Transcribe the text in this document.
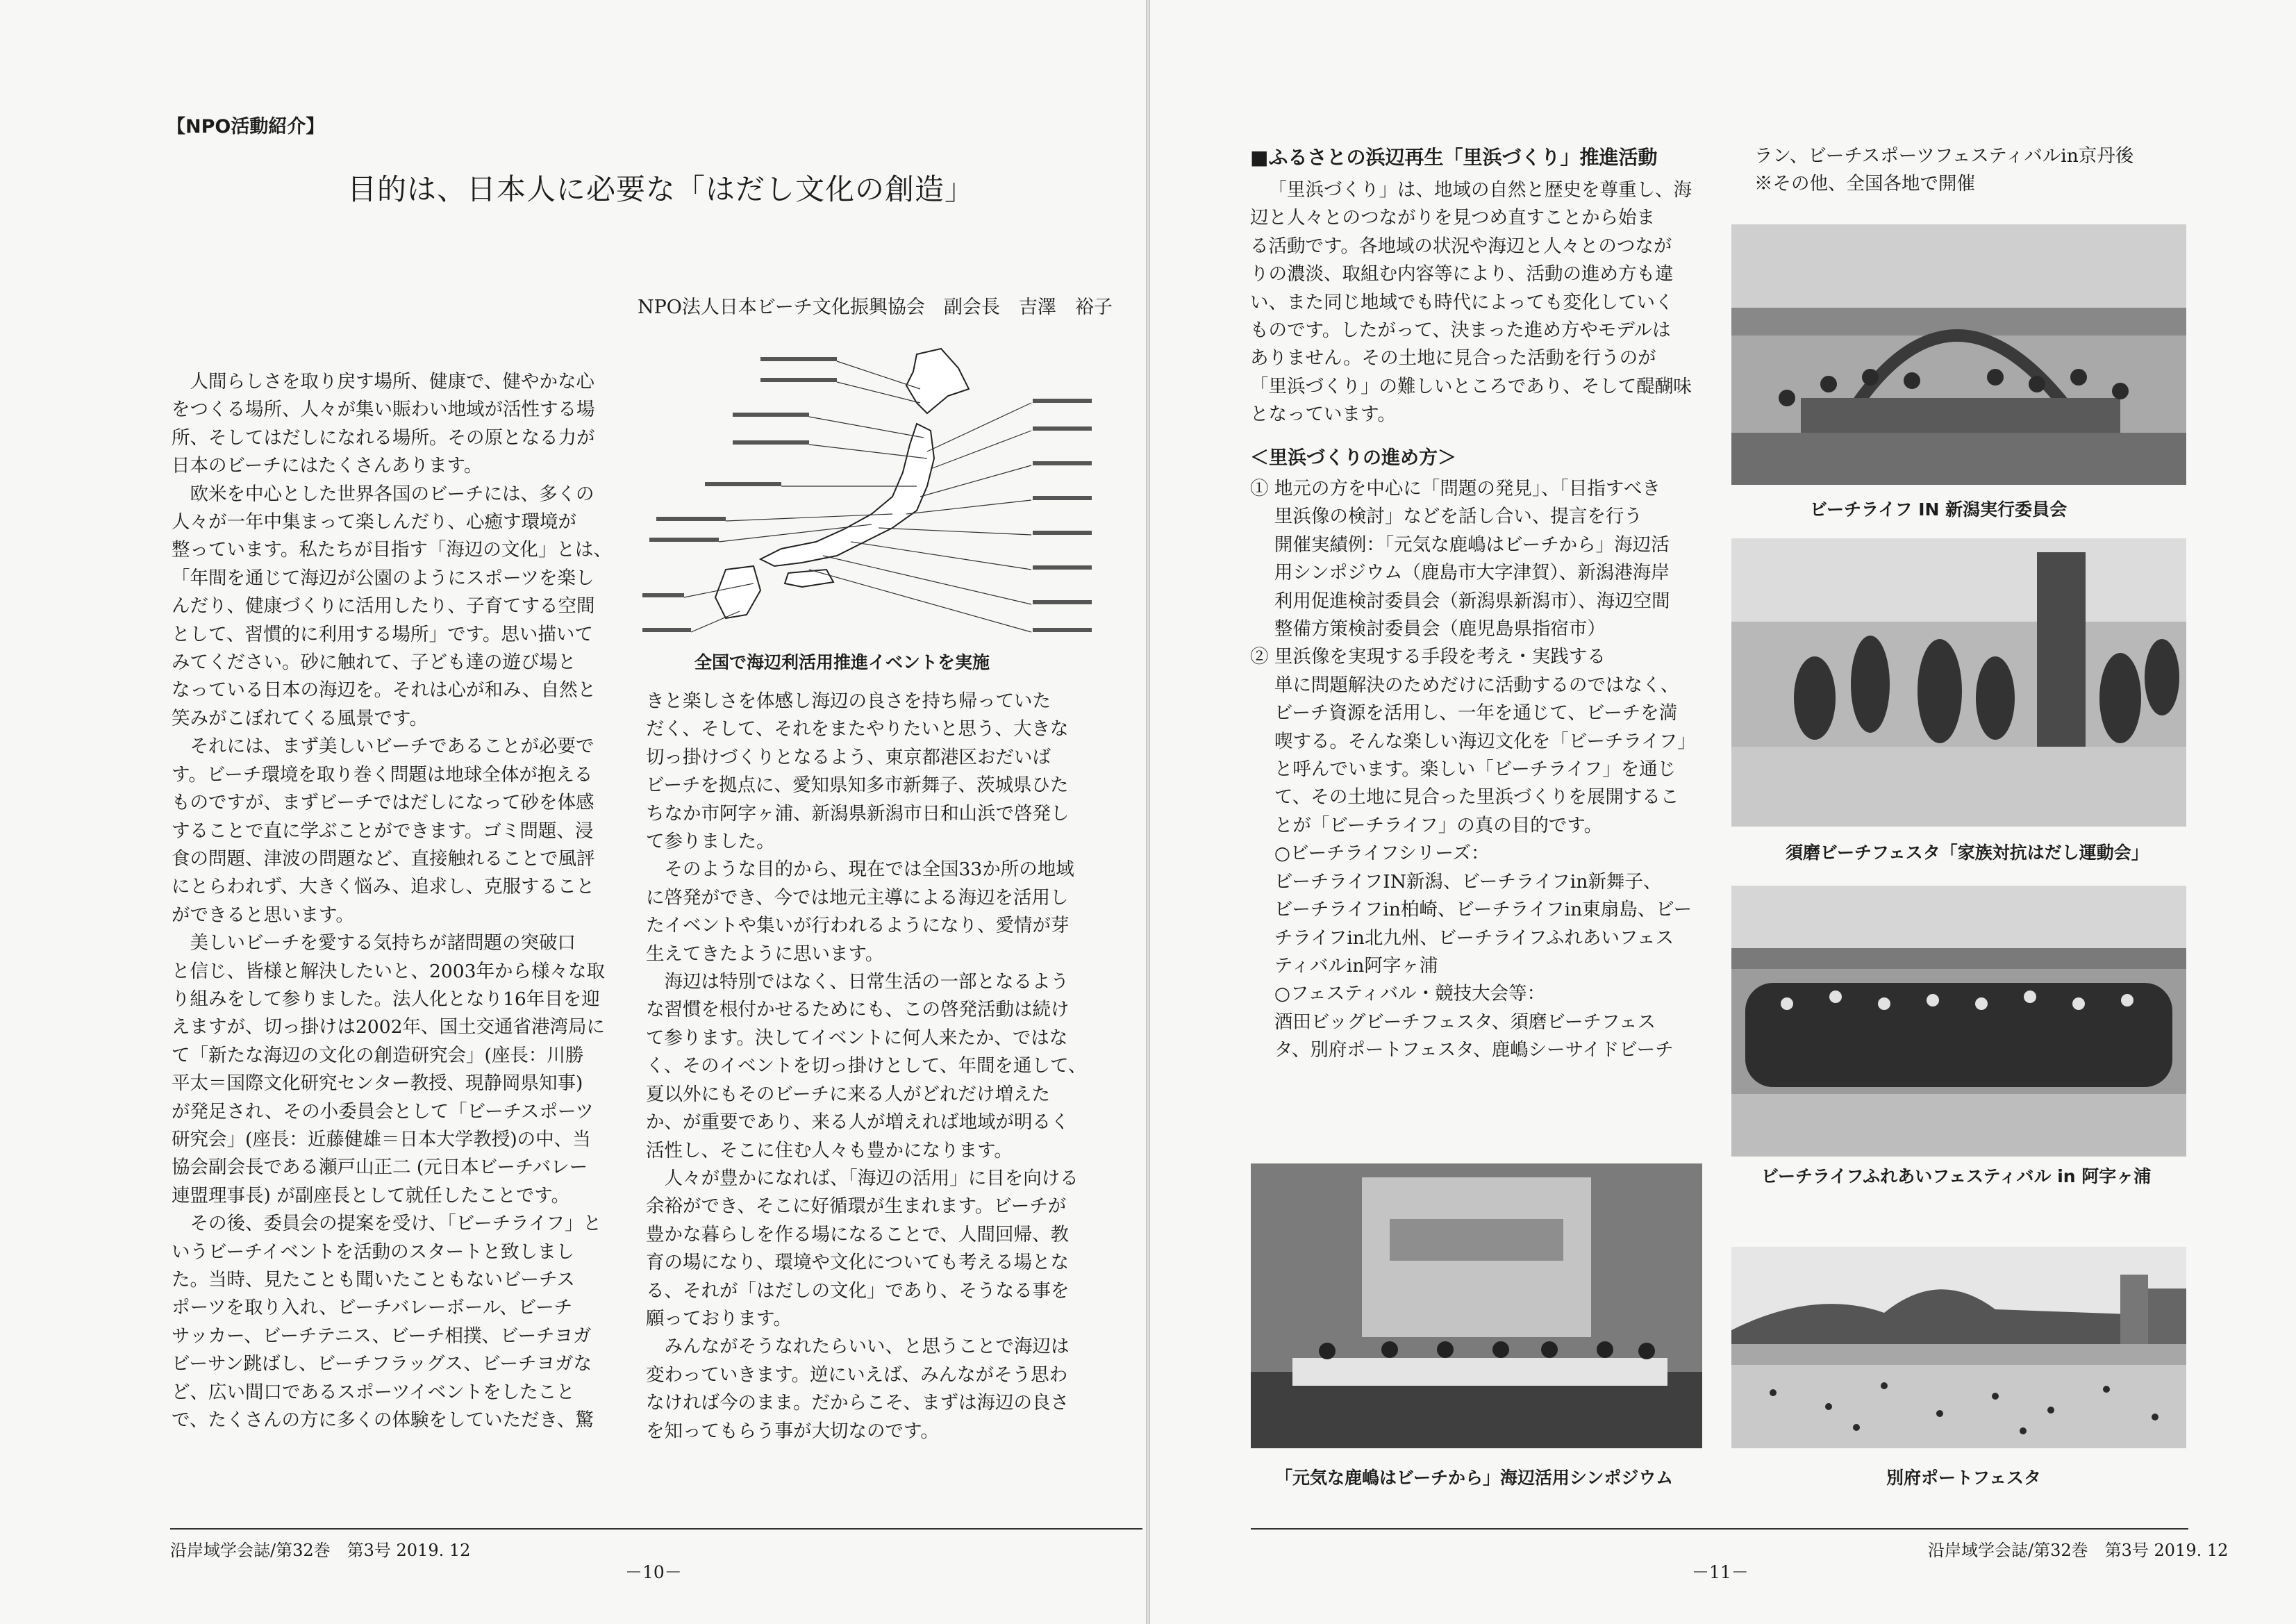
【NPO活動紹介】
目的は、日本人に必要な「はだし文化の創造」
NPO法人日本ビーチ文化振興協会　副会長　吉澤　裕子
人間らしさを取り戻す場所、健康で、健やかな心
をつくる場所、人々が集い賑わい地域が活性する場
所、そしてはだしになれる場所。その原となる力が
日本のビーチにはたくさんあります。
欧米を中心とした世界各国のビーチには、多くの
人々が一年中集まって楽しんだり、心癒す環境が
整っています。私たちが目指す「海辺の文化」とは、
「年間を通じて海辺が公園のようにスポーツを楽し
んだり、健康づくりに活用したり、子育てする空間
として、習慣的に利用する場所」です。思い描いて
みてください。砂に触れて、子ども達の遊び場と
なっている日本の海辺を。それは心が和み、自然と
笑みがこぼれてくる風景です。
それには、まず美しいビーチであることが必要で
す。ビーチ環境を取り巻く問題は地球全体が抱える
ものですが、まずビーチではだしになって砂を体感
することで直に学ぶことができます。ゴミ問題、浸
食の問題、津波の問題など、直接触れることで風評
にとらわれず、大きく悩み、追求し、克服すること
ができると思います。
美しいビーチを愛する気持ちが諸問題の突破口
と信じ、皆様と解決したいと、2003年から様々な取
り組みをして参りました。法人化となり16年目を迎
えますが、切っ掛けは2002年、国土交通省港湾局に
て「新たな海辺の文化の創造研究会」(座長：川勝
平太＝国際文化研究センター教授、現静岡県知事)
が発足され、その小委員会として「ビーチスポーツ
研究会」(座長：近藤健雄＝日本大学教授)の中、当
協会副会長である瀬戸山正二 (元日本ビーチバレー
連盟理事長) が副座長として就任したことです。
その後、委員会の提案を受け、「ビーチライフ」と
いうビーチイベントを活動のスタートと致しまし
た。当時、見たことも聞いたこともないビーチス
ポーツを取り入れ、ビーチバレーボール、ビーチ
サッカー、ビーチテニス、ビーチ相撲、ビーチヨガ
ビーサン跳ばし、ビーチフラッグス、ビーチヨガな
ど、広い間口であるスポーツイベントをしたこと
で、たくさんの方に多くの体験をしていただき、驚
全国で海辺利活用推進イベントを実施
きと楽しさを体感し海辺の良さを持ち帰っていた
だく、そして、それをまたやりたいと思う、大きな
切っ掛けづくりとなるよう、東京都港区おだいば
ビーチを拠点に、愛知県知多市新舞子、茨城県ひた
ちなか市阿字ヶ浦、新潟県新潟市日和山浜で啓発し
て参りました。
そのような目的から、現在では全国33か所の地域
に啓発ができ、今では地元主導による海辺を活用し
たイベントや集いが行われるようになり、愛情が芽
生えてきたように思います。
海辺は特別ではなく、日常生活の一部となるよう
な習慣を根付かせるためにも、この啓発活動は続け
て参ります。決してイベントに何人来たか、ではな
く、そのイベントを切っ掛けとして、年間を通して、
夏以外にもそのビーチに来る人がどれだけ増えた
か、が重要であり、来る人が増えれば地域が明るく
活性し、そこに住む人々も豊かになります。
人々が豊かになれば、「海辺の活用」に目を向ける
余裕ができ、そこに好循環が生まれます。ビーチが
豊かな暮らしを作る場になることで、人間回帰、教
育の場になり、環境や文化についても考える場とな
る、それが「はだしの文化」であり、そうなる事を
願っております。
みんながそうなれたらいい、と思うことで海辺は
変わっていきます。逆にいえば、みんながそう思わ
なければ今のまま。だからこそ、まずは海辺の良さ
を知ってもらう事が大切なのです。
沿岸域学会誌/第32巻　第3号 2019. 12
－10－
■ふるさとの浜辺再生「里浜づくり」推進活動
「里浜づくり」は、地域の自然と歴史を尊重し、海
辺と人々とのつながりを見つめ直すことから始ま
る活動です。各地域の状況や海辺と人々とのつなが
りの濃淡、取組む内容等により、活動の進め方も違
い、また同じ地域でも時代によっても変化していく
ものです。したがって、決まった進め方やモデルは
ありません。その土地に見合った活動を行うのが
「里浜づくり」の難しいところであり、そして醍醐味
となっています。
＜里浜づくりの進め方＞
① 地元の方を中心に「問題の発見」、「目指すべき
　 里浜像の検討」などを話し合い、提言を行う
　 開催実績例：「元気な鹿嶋はビーチから」海辺活
　 用シンポジウム（鹿島市大字津賀）、新潟港海岸
　 利用促進検討委員会（新潟県新潟市）、海辺空間
　 整備方策検討委員会（鹿児島県指宿市）
② 里浜像を実現する手段を考え・実践する
　 単に問題解決のためだけに活動するのではなく、
　 ビーチ資源を活用し、一年を通じて、ビーチを満
　 喫する。そんな楽しい海辺文化を「ビーチライフ」
　 と呼んでいます。楽しい「ビーチライフ」を通じ
　 て、その土地に見合った里浜づくりを展開するこ
　 とが「ビーチライフ」の真の目的です。
　 ○ビーチライフシリーズ：
　 ビーチライフIN新潟、ビーチライフin新舞子、
　 ビーチライフin柏崎、ビーチライフin東扇島、ビー
　 チライフin北九州、ビーチライフふれあいフェス
　 ティバルin阿字ヶ浦
　 ○フェスティバル・競技大会等：
　 酒田ビッグビーチフェスタ、須磨ビーチフェス
　 タ、別府ポートフェスタ、鹿嶋シーサイドビーチ
ラン、ビーチスポーツフェスティバルin京丹後
※その他、全国各地で開催
ビーチライフ IN 新潟実行委員会
須磨ビーチフェスタ「家族対抗はだし運動会」
ビーチライフふれあいフェスティバル in 阿字ヶ浦
「元気な鹿嶋はビーチから」海辺活用シンポジウム	別府ポートフェスタ
沿岸域学会誌/第32巻　第3号 2019. 12
－11－
